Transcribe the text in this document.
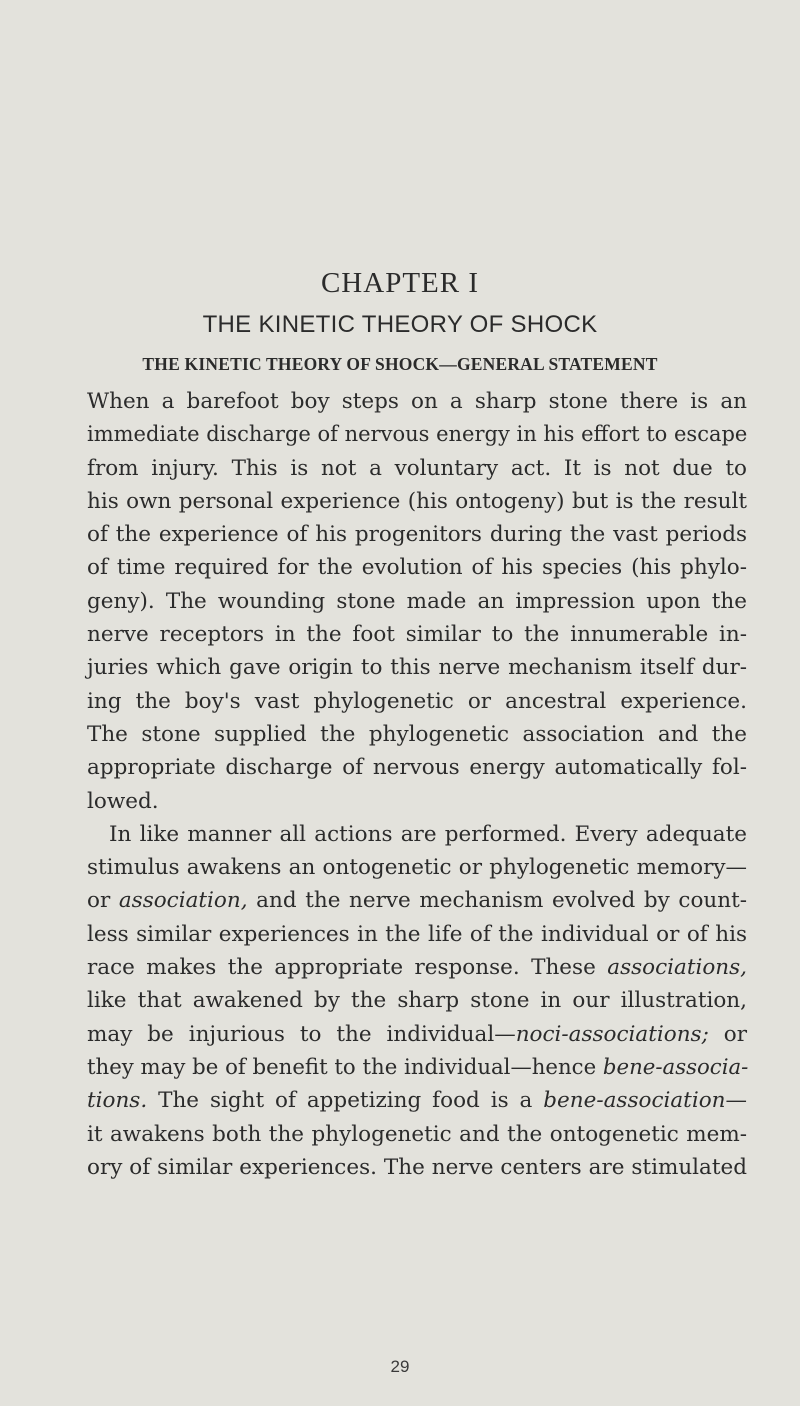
CHAPTER I
THE KINETIC THEORY OF SHOCK
THE KINETIC THEORY OF SHOCK—GENERAL STATEMENT
When a barefoot boy steps on a sharp stone there is an
immediate discharge of nervous energy in his effort to escape
from injury. This is not a voluntary act. It is not due to
his own personal experience (his ontogeny) but is the result
of the experience of his progenitors during the vast periods
of time required for the evolution of his species (his phylo-
geny). The wounding stone made an impression upon the
nerve receptors in the foot similar to the innumerable in-
juries which gave origin to this nerve mechanism itself dur-
ing the boy's vast phylogenetic or ancestral experience.
The stone supplied the phylogenetic association and the
appropriate discharge of nervous energy automatically fol-
lowed.
In like manner all actions are performed. Every adequate
stimulus awakens an ontogenetic or phylogenetic memory—
or association, and the nerve mechanism evolved by count-
less similar experiences in the life of the individual or of his
race makes the appropriate response. These associations,
like that awakened by the sharp stone in our illustration,
may be injurious to the individual—noci-associations; or
they may be of benefit to the individual—hence bene-associa-
tions. The sight of appetizing food is a bene-association—
it awakens both the phylogenetic and the ontogenetic mem-
ory of similar experiences. The nerve centers are stimulated
29
